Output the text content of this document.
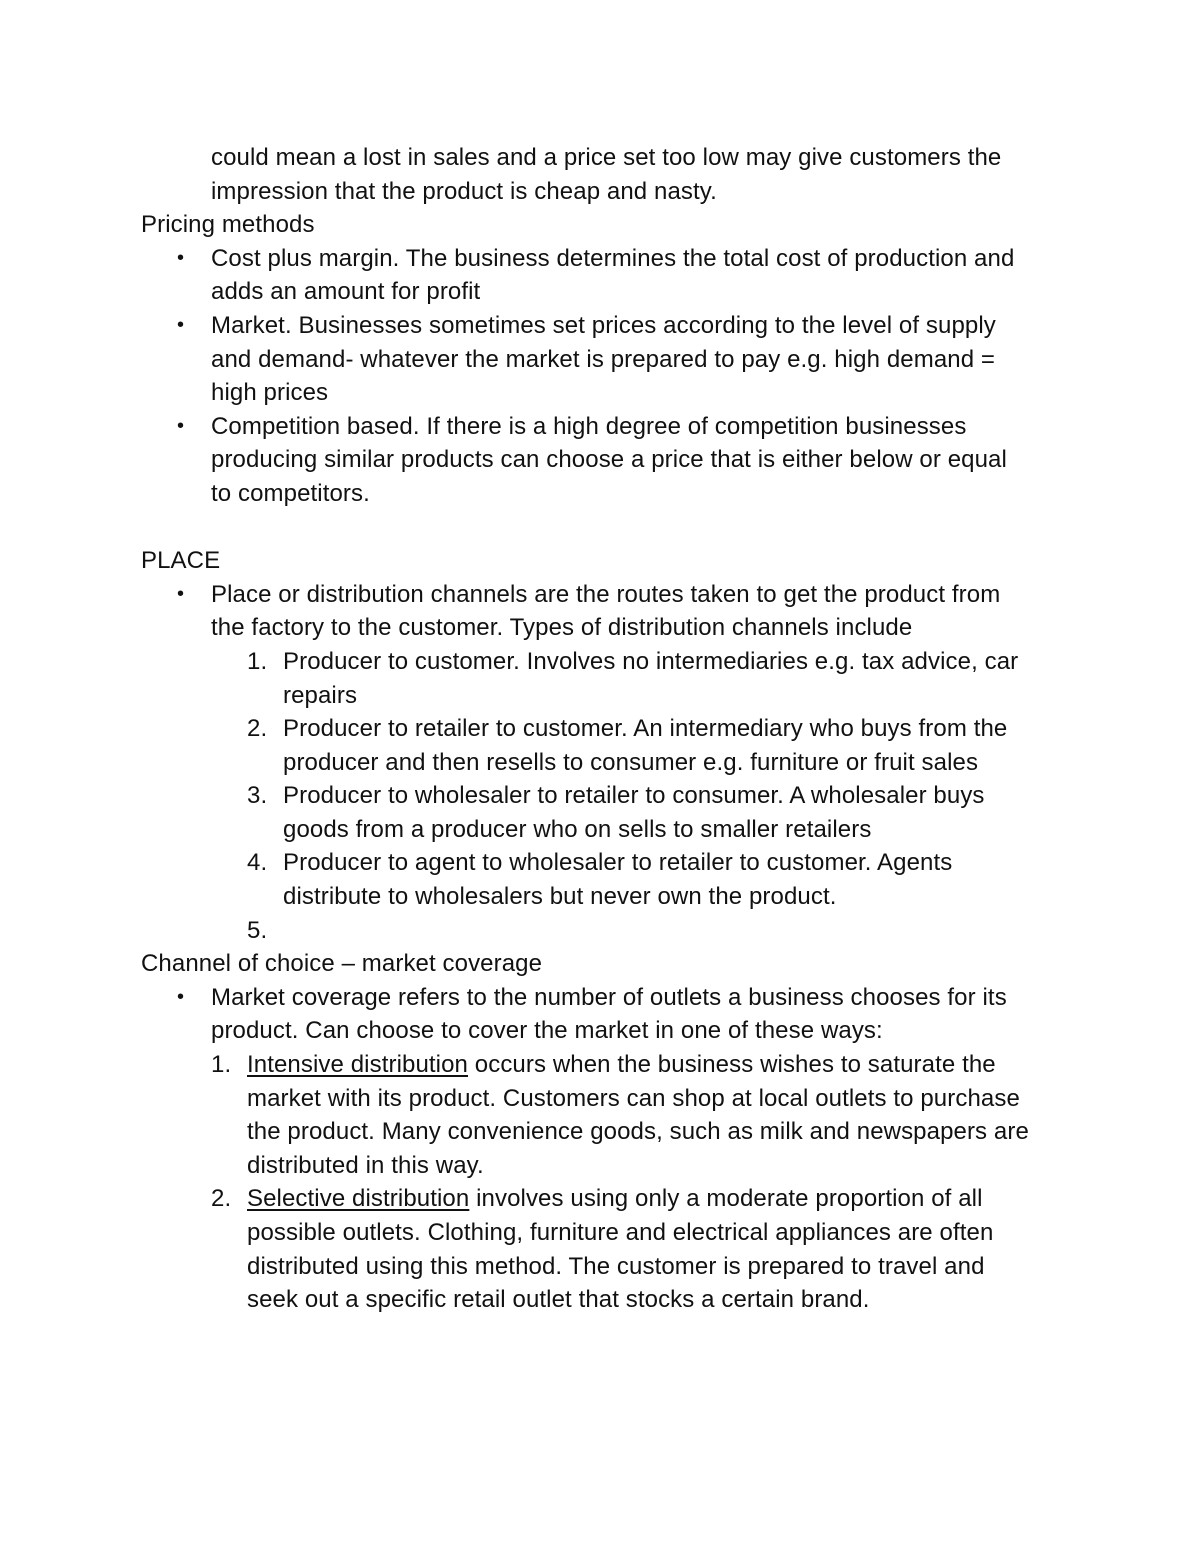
could mean a lost in sales and a price set too low may give customers the
impression that the product is cheap and nasty.
Pricing methods
• Cost plus margin. The business determines the total cost of production and
adds an amount for profit
• Market. Businesses sometimes set prices according to the level of supply
and demand- whatever the market is prepared to pay e.g. high demand =
high prices
• Competition based. If there is a high degree of competition businesses
producing similar products can choose a price that is either below or equal
to competitors.
PLACE
• Place or distribution channels are the routes taken to get the product from
the factory to the customer. Types of distribution channels include
1. Producer to customer. Involves no intermediaries e.g. tax advice, car
repairs
2. Producer to retailer to customer. An intermediary who buys from the
producer and then resells to consumer e.g. furniture or fruit sales
3. Producer to wholesaler to retailer to consumer. A wholesaler buys
goods from a producer who on sells to smaller retailers
4. Producer to agent to wholesaler to retailer to customer. Agents
distribute to wholesalers but never own the product.
5.
Channel of choice – market coverage
• Market coverage refers to the number of outlets a business chooses for its
product. Can choose to cover the market in one of these ways:
1. Intensive distribution occurs when the business wishes to saturate the
market with its product. Customers can shop at local outlets to purchase
the product. Many convenience goods, such as milk and newspapers are
distributed in this way.
2. Selective distribution involves using only a moderate proportion of all
possible outlets. Clothing, furniture and electrical appliances are often
distributed using this method. The customer is prepared to travel and
seek out a specific retail outlet that stocks a certain brand.
